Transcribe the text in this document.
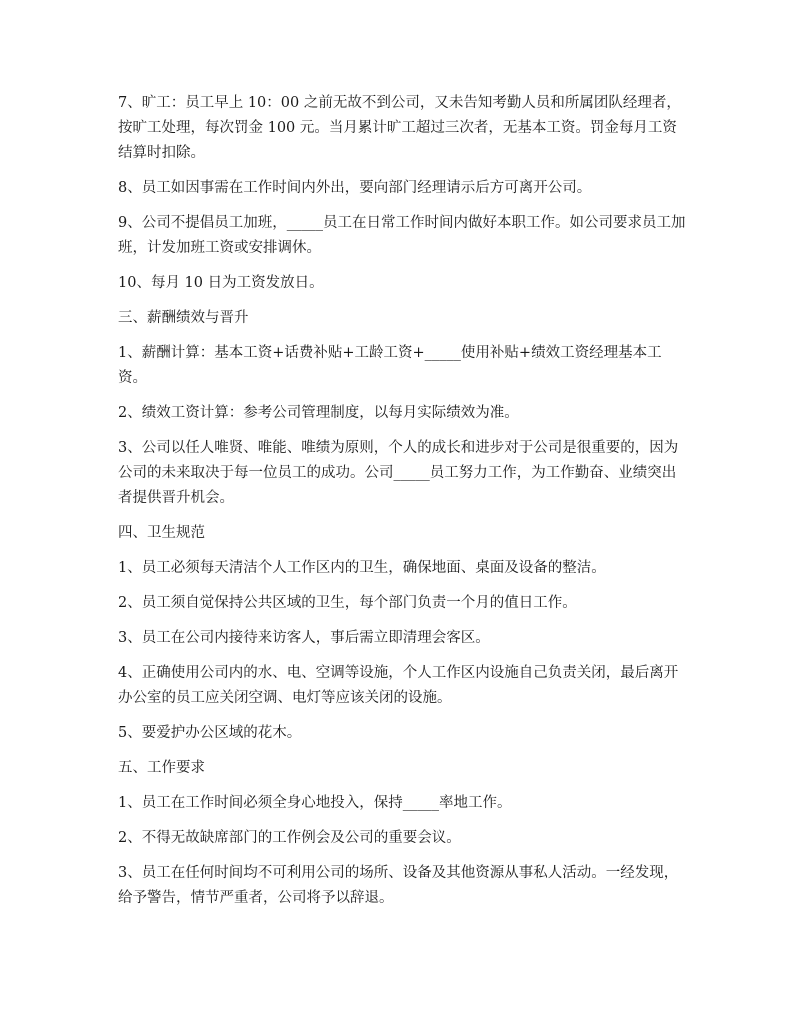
7、旷工：员工早上 10：00 之前无故不到公司，又未告知考勤人员和所属团队经理者，按旷工处理，每次罚金 100 元。当月累计旷工超过三次者，无基本工资。罚金每月工资结算时扣除。

8、员工如因事需在工作时间内外出，要向部门经理请示后方可离开公司。

9、公司不提倡员工加班，_____员工在日常工作时间内做好本职工作。如公司要求员工加班，计发加班工资或安排调休。

10、每月 10 日为工资发放日。

三、薪酬绩效与晋升

1、薪酬计算：基本工资+话费补贴+工龄工资+_____使用补贴+绩效工资经理基本工资。

2、绩效工资计算：参考公司管理制度，以每月实际绩效为准。

3、公司以任人唯贤、唯能、唯绩为原则，个人的成长和进步对于公司是很重要的，因为公司的未来取决于每一位员工的成功。公司_____员工努力工作，为工作勤奋、业绩突出者提供晋升机会。

四、卫生规范

1、员工必须每天清洁个人工作区内的卫生，确保地面、桌面及设备的整洁。

2、员工须自觉保持公共区域的卫生，每个部门负责一个月的值日工作。

3、员工在公司内接待来访客人，事后需立即清理会客区。

4、正确使用公司内的水、电、空调等设施，个人工作区内设施自己负责关闭，最后离开办公室的员工应关闭空调、电灯等应该关闭的设施。

5、要爱护办公区域的花木。

五、工作要求

1、员工在工作时间必须全身心地投入，保持_____率地工作。

2、不得无故缺席部门的工作例会及公司的重要会议。

3、员工在任何时间均不可利用公司的场所、设备及其他资源从事私人活动。一经发现，给予警告，情节严重者，公司将予以辞退。
